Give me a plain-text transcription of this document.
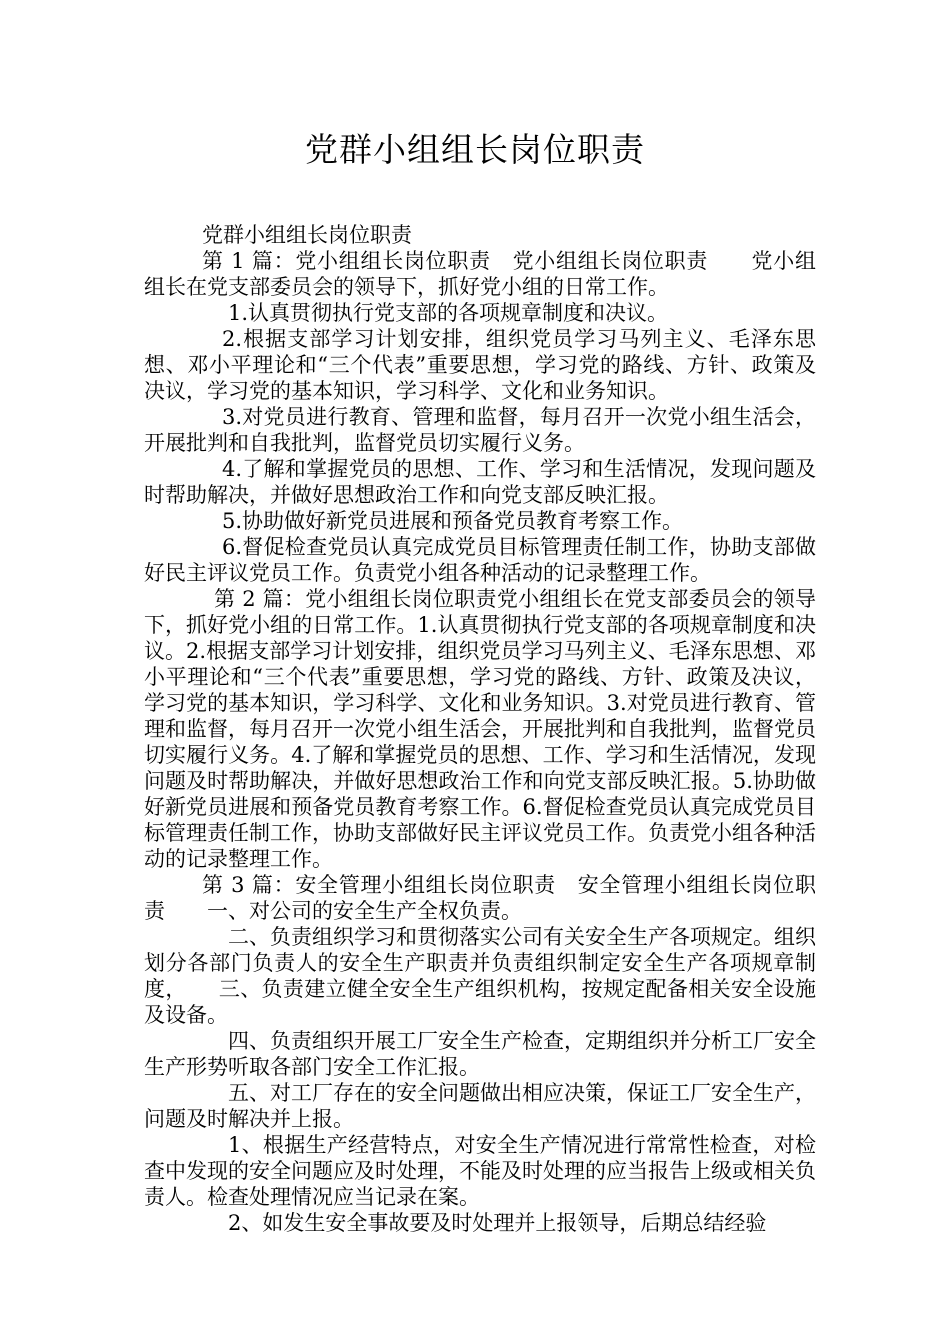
党群小组组长岗位职责

党群小组组长岗位职责

第 1 篇：党小组组长岗位职责　党小组组长岗位职责　　党小组组长在党支部委员会的领导下，抓好党小组的日常工作。

1.认真贯彻执行党支部的各项规章制度和决议。

2.根据支部学习计划安排，组织党员学习马列主义、毛泽东思想、邓小平理论和“三个代表”重要思想，学习党的路线、方针、政策及决议，学习党的基本知识，学习科学、文化和业务知识。

3.对党员进行教育、管理和监督，每月召开一次党小组生活会，开展批判和自我批判，监督党员切实履行义务。

4.了解和掌握党员的思想、工作、学习和生活情况，发现问题及时帮助解决，并做好思想政治工作和向党支部反映汇报。

5.协助做好新党员进展和预备党员教育考察工作。

6.督促检查党员认真完成党员目标管理责任制工作，协助支部做好民主评议党员工作。负责党小组各种活动的记录整理工作。

第 2 篇：党小组组长岗位职责党小组组长在党支部委员会的领导下，抓好党小组的日常工作。1.认真贯彻执行党支部的各项规章制度和决议。2.根据支部学习计划安排，组织党员学习马列主义、毛泽东思想、邓小平理论和“三个代表”重要思想，学习党的路线、方针、政策及决议，学习党的基本知识，学习科学、文化和业务知识。3.对党员进行教育、管理和监督，每月召开一次党小组生活会，开展批判和自我批判，监督党员切实履行义务。4.了解和掌握党员的思想、工作、学习和生活情况，发现问题及时帮助解决，并做好思想政治工作和向党支部反映汇报。5.协助做好新党员进展和预备党员教育考察工作。6.督促检查党员认真完成党员目标管理责任制工作，协助支部做好民主评议党员工作。负责党小组各种活动的记录整理工作。

第 3 篇：安全管理小组组长岗位职责　安全管理小组组长岗位职责　　一、对公司的安全生产全权负责。

二、负责组织学习和贯彻落实公司有关安全生产各项规定。组织划分各部门负责人的安全生产职责并负责组织制定安全生产各项规章制度，　　三、负责建立健全安全生产组织机构，按规定配备相关安全设施及设备。

四、负责组织开展工厂安全生产检查，定期组织并分析工厂安全生产形势听取各部门安全工作汇报。

五、对工厂存在的安全问题做出相应决策，保证工厂安全生产，问题及时解决并上报。

1、根据生产经营特点，对安全生产情况进行常常性检查，对检查中发现的安全问题应及时处理，不能及时处理的应当报告上级或相关负责人。检查处理情况应当记录在案。

2、如发生安全事故要及时处理并上报领导，后期总结经验
